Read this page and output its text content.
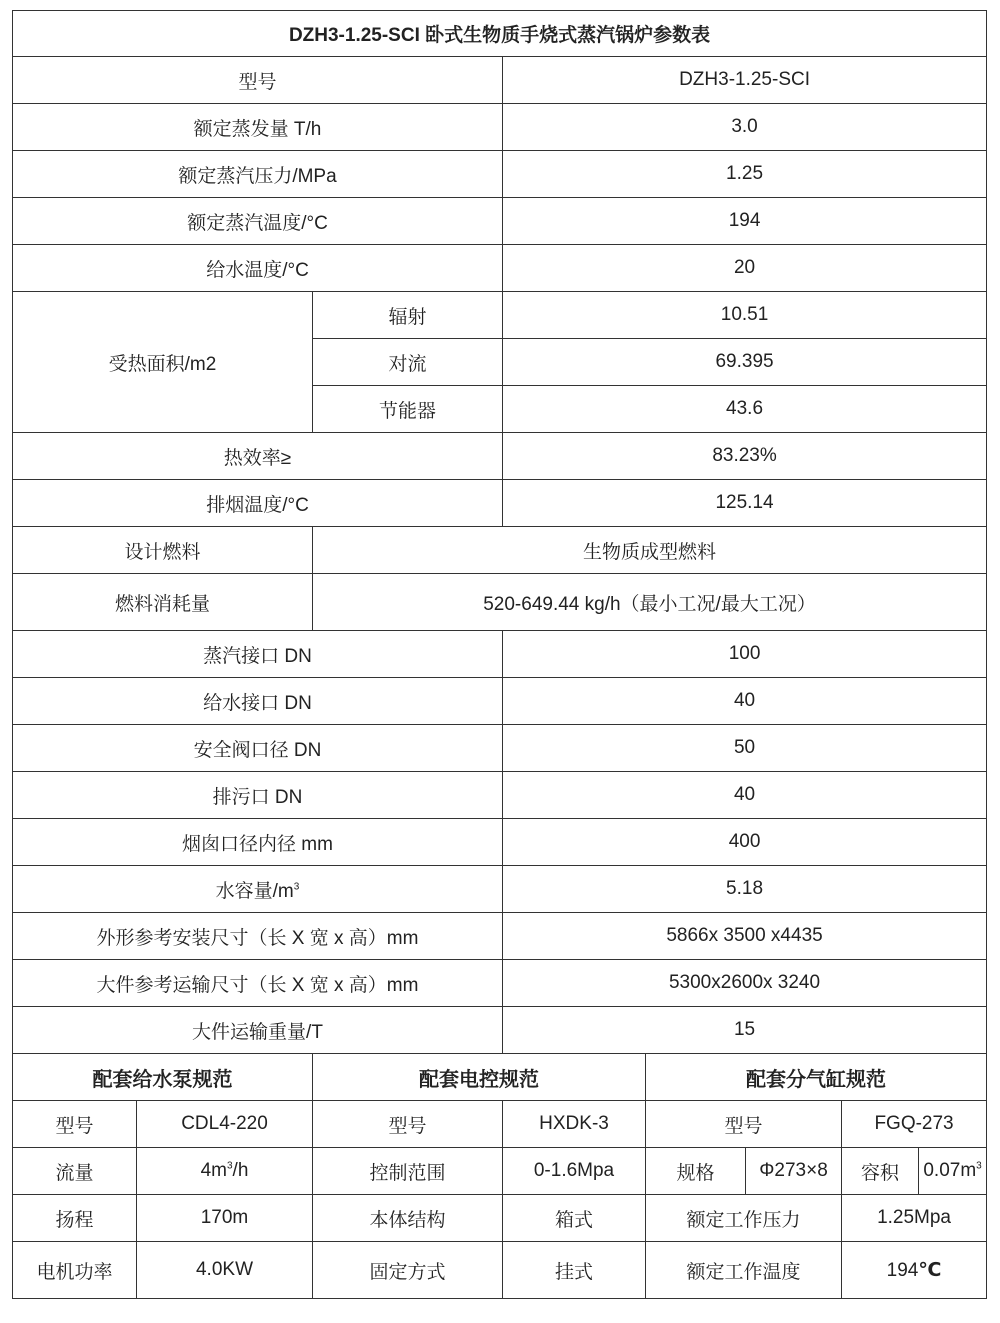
DZH3-1.25-SCI 卧式生物质手烧式蒸汽锅炉参数表							
型号			DZH3-1.25-SCI				
额定蒸发量 T/h			3.0				
额定蒸汽压力/MPa			1.25				
额定蒸汽温度/°C			194				
给水温度/°C			20				
受热面积/m2		辐射	10.51				
		对流	69.395				
		节能器	43.6				
热效率≥			83.23%				
排烟温度/°C			125.14				
设计燃料		生物质成型燃料					
燃料消耗量		520-649.44 kg/h（最小工况/最大工况）					
蒸汽接口 DN			100				
给水接口 DN			40				
安全阀口径 DN			50				
排污口 DN			40				
烟囱口径内径 mm			400				
水容量$/m^3$			5.18				
外形参考安装尺寸（长 X 宽 x 高）mm			5866x 3500 x4435				
大件参考运输尺寸（长 X 宽 x 高）mm			5300x2600x 3240				
大件运输重量/T			15				
配套给水泵规范		配套电控规范		配套分气缸规范			
型号	CDL4-220	型号	HXDK-3	型号		FGQ-273	
流量	$4m^3/h$	控制范围	0-1.6Mpa	规格	Φ273×8	容积	$0.07m^3$
扬程	170m	本体结构	箱式	额定工作压力		1.25Mpa	
电机功率	4.0KW	固定方式	挂式	额定工作温度		194℃	
